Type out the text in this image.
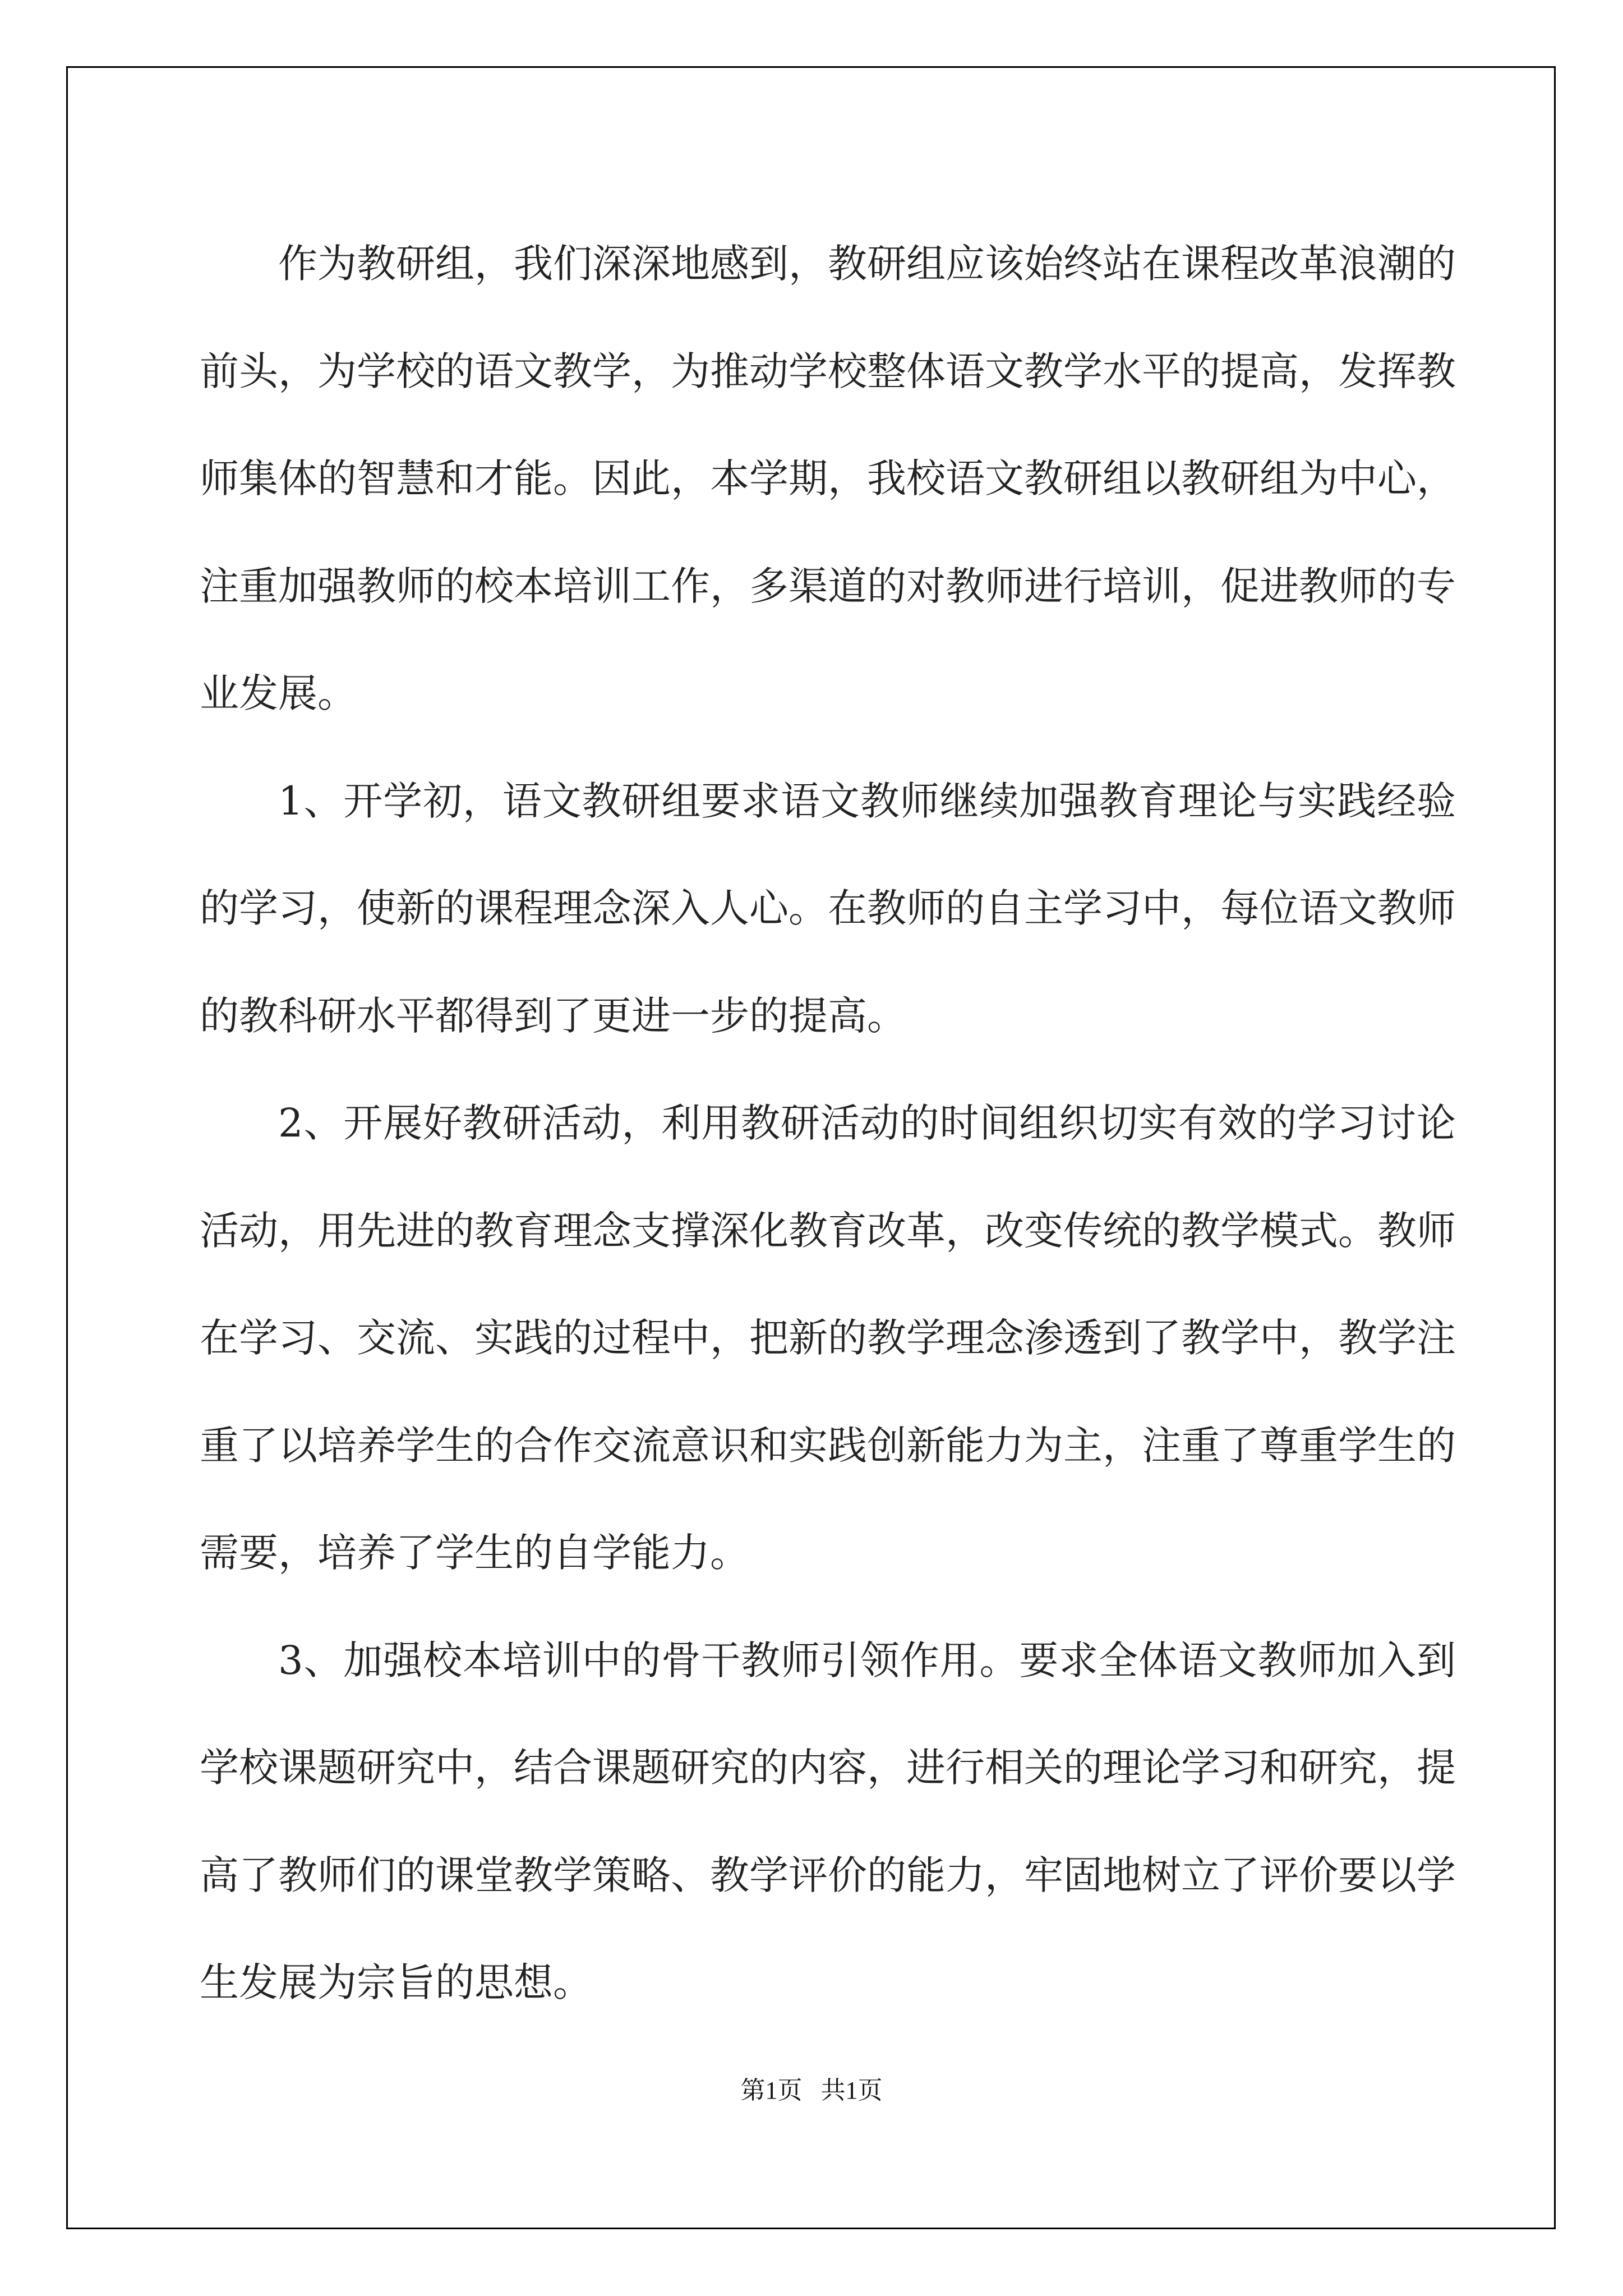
作为教研组，我们深深地感到，教研组应该始终站在课程改革浪潮的前头，为学校的语文教学，为推动学校整体语文教学水平的提高，发挥教师集体的智慧和才能。因此，本学期，我校语文教研组以教研组为中心，注重加强教师的校本培训工作，多渠道的对教师进行培训，促进教师的专业发展。

1、开学初，语文教研组要求语文教师继续加强教育理论与实践经验的学习，使新的课程理念深入人心。在教师的自主学习中，每位语文教师的教科研水平都得到了更进一步的提高。

2、开展好教研活动，利用教研活动的时间组织切实有效的学习讨论活动，用先进的教育理念支撑深化教育改革，改变传统的教学模式。教师在学习、交流、实践的过程中，把新的教学理念渗透到了教学中，教学注重了以培养学生的合作交流意识和实践创新能力为主，注重了尊重学生的需要，培养了学生的自学能力。

3、加强校本培训中的骨干教师引领作用。要求全体语文教师加入到学校课题研究中，结合课题研究的内容，进行相关的理论学习和研究，提高了教师们的课堂教学策略、教学评价的能力，牢固地树立了评价要以学生发展为宗旨的思想。

第1页   共1页
